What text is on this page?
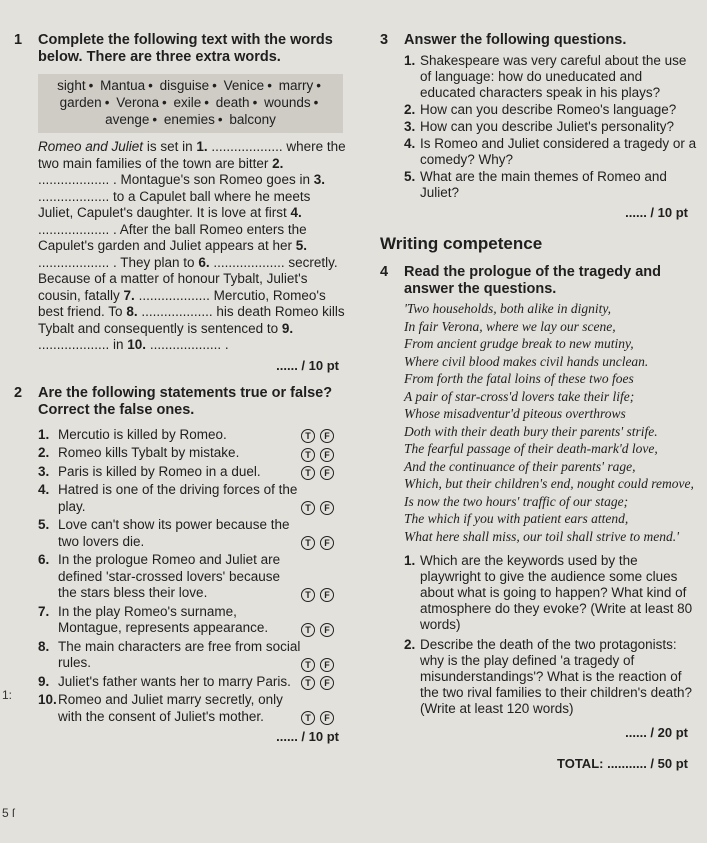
1	Complete the following text with the words below. There are three extra words.
sight • Mantua • disguise • Venice • marry • garden • Verona • exile • death • wounds • avenge • enemies • balcony
Romeo and Juliet is set in 1. ................... where the two main families of the town are bitter 2. ................... . Montague's son Romeo goes in 3. ................... to a Capulet ball where he meets Juliet, Capulet's daughter. It is love at first 4. ................... . After the ball Romeo enters the Capulet's garden and Juliet appears at her 5. ................... . They plan to 6. ................... secretly. Because of a matter of honour Tybalt, Juliet's cousin, fatally 7. ................... Mercutio, Romeo's best friend. To 8. ................... his death Romeo kills Tybalt and consequently is sentenced to 9. ................... in 10. ................... .
...... / 10 pt
2	Are the following statements true or false? Correct the false ones.
1. Mercutio is killed by Romeo.	T	F
2. Romeo kills Tybalt by mistake.	T	F
3. Paris is killed by Romeo in a duel.	T	F
4. Hatred is one of the driving forces of the play.	T	F
5. Love can't show its power because the two lovers die.	T	F
6. In the prologue Romeo and Juliet are defined 'star-crossed lovers' because the stars bless their love.	T	F
7. In the play Romeo's surname, Montague, represents appearance.	T	F
8. The main characters are free from social rules.	T	F
9. Juliet's father wants her to marry Paris.	T	F
10. Romeo and Juliet marry secretly, only with the consent of Juliet's mother.	T	F
...... / 10 pt
3	Answer the following questions.
1. Shakespeare was very careful about the use of language: how do uneducated and educated characters speak in his plays?
2. How can you describe Romeo's language?
3. How can you describe Juliet's personality?
4. Is Romeo and Juliet considered a tragedy or a comedy? Why?
5. What are the main themes of Romeo and Juliet?
...... / 10 pt
Writing competence
4	Read the prologue of the tragedy and answer the questions.
'Two households, both alike in dignity,
In fair Verona, where we lay our scene,
From ancient grudge break to new mutiny,
Where civil blood makes civil hands unclean.
From forth the fatal loins of these two foes
A pair of star-cross'd lovers take their life;
Whose misadventur'd piteous overthrows
Doth with their death bury their parents' strife.
The fearful passage of their death-mark'd love,
And the continuance of their parents' rage,
Which, but their children's end, nought could remove,
Is now the two hours' traffic of our stage;
The which if you with patient ears attend,
What here shall miss, our toil shall strive to mend.'
1. Which are the keywords used by the playwright to give the audience some clues about what is going to happen? What kind of atmosphere do they evoke? (Write at least 80 words)
2. Describe the death of the two protagonists: why is the play defined 'a tragedy of misunderstandings'? What is the reaction of the two rival families to their children's death? (Write at least 120 words)
...... / 20 pt
TOTAL: ........... / 50 pt
1:
5 ſ
